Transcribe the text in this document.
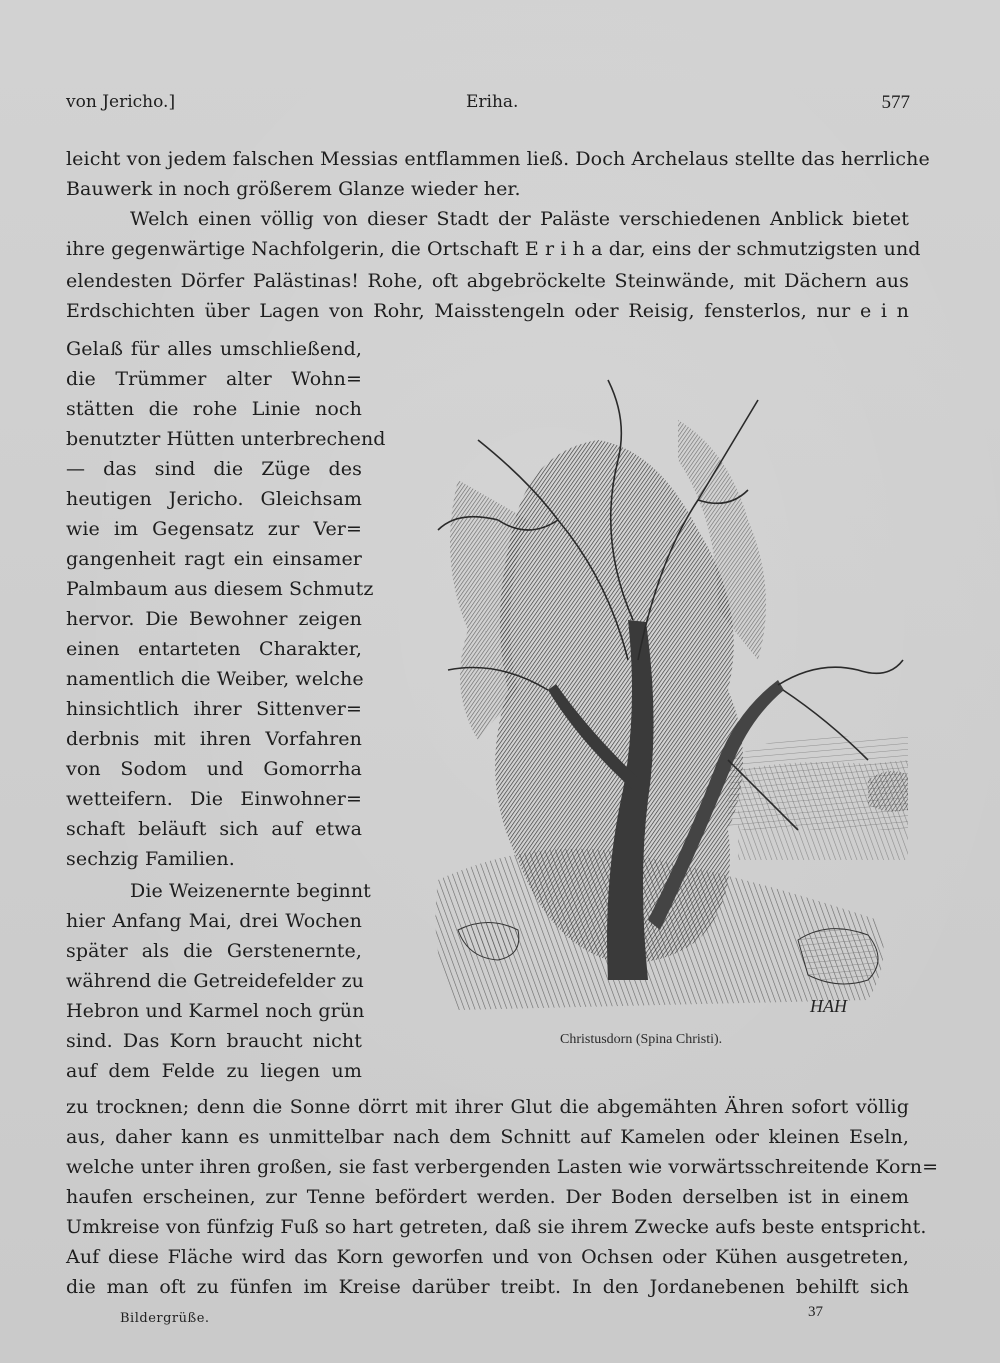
von Jericho.]	Eriha.	577
leicht von jedem falschen Messias entflammen ließ. Doch Archelaus stellte das herrliche
Bauwerk in noch größerem Glanze wieder her.
Welch einen völlig von dieser Stadt der Paläste verschiedenen Anblick bietet
ihre gegenwärtige Nachfolgerin, die Ortschaft E r i h a dar, eins der schmutzigsten und
elendesten Dörfer Palästinas! Rohe, oft abgebröckelte Steinwände, mit Dächern aus
Erdschichten über Lagen von Rohr, Maisstengeln oder Reisig, fensterlos, nur e i n
Gelaß für alles umschließend,
die Trümmer alter Wohn=
stätten die rohe Linie noch
benutzter Hütten unterbrechend
— das sind die Züge des
heutigen Jericho. Gleichsam
wie im Gegensatz zur Ver=
gangenheit ragt ein einsamer
Palmbaum aus diesem Schmutz
hervor. Die Bewohner zeigen
einen entarteten Charakter,
namentlich die Weiber, welche
hinsichtlich ihrer Sittenver=
derbnis mit ihren Vorfahren
von Sodom und Gomorrha
wetteifern. Die Einwohner=
schaft beläuft sich auf etwa
sechzig Familien.
Die Weizenernte beginnt
hier Anfang Mai, drei Wochen
später als die Gerstenernte,
während die Getreidefelder zu
Hebron und Karmel noch grün
sind. Das Korn braucht nicht
auf dem Felde zu liegen um
zu trocknen; denn die Sonne dörrt mit ihrer Glut die abgemähten Ähren sofort völlig
aus, daher kann es unmittelbar nach dem Schnitt auf Kamelen oder kleinen Eseln,
welche unter ihren großen, sie fast verbergenden Lasten wie vorwärtsschreitende Korn=
haufen erscheinen, zur Tenne befördert werden. Der Boden derselben ist in einem
Umkreise von fünfzig Fuß so hart getreten, daß sie ihrem Zwecke aufs beste entspricht.
Auf diese Fläche wird das Korn geworfen und von Ochsen oder Kühen ausgetreten,
die man oft zu fünfen im Kreise darüber treibt. In den Jordanebenen behilft sich
HAH
Christusdorn (Spina Christi).
Bildergrüße.	37
